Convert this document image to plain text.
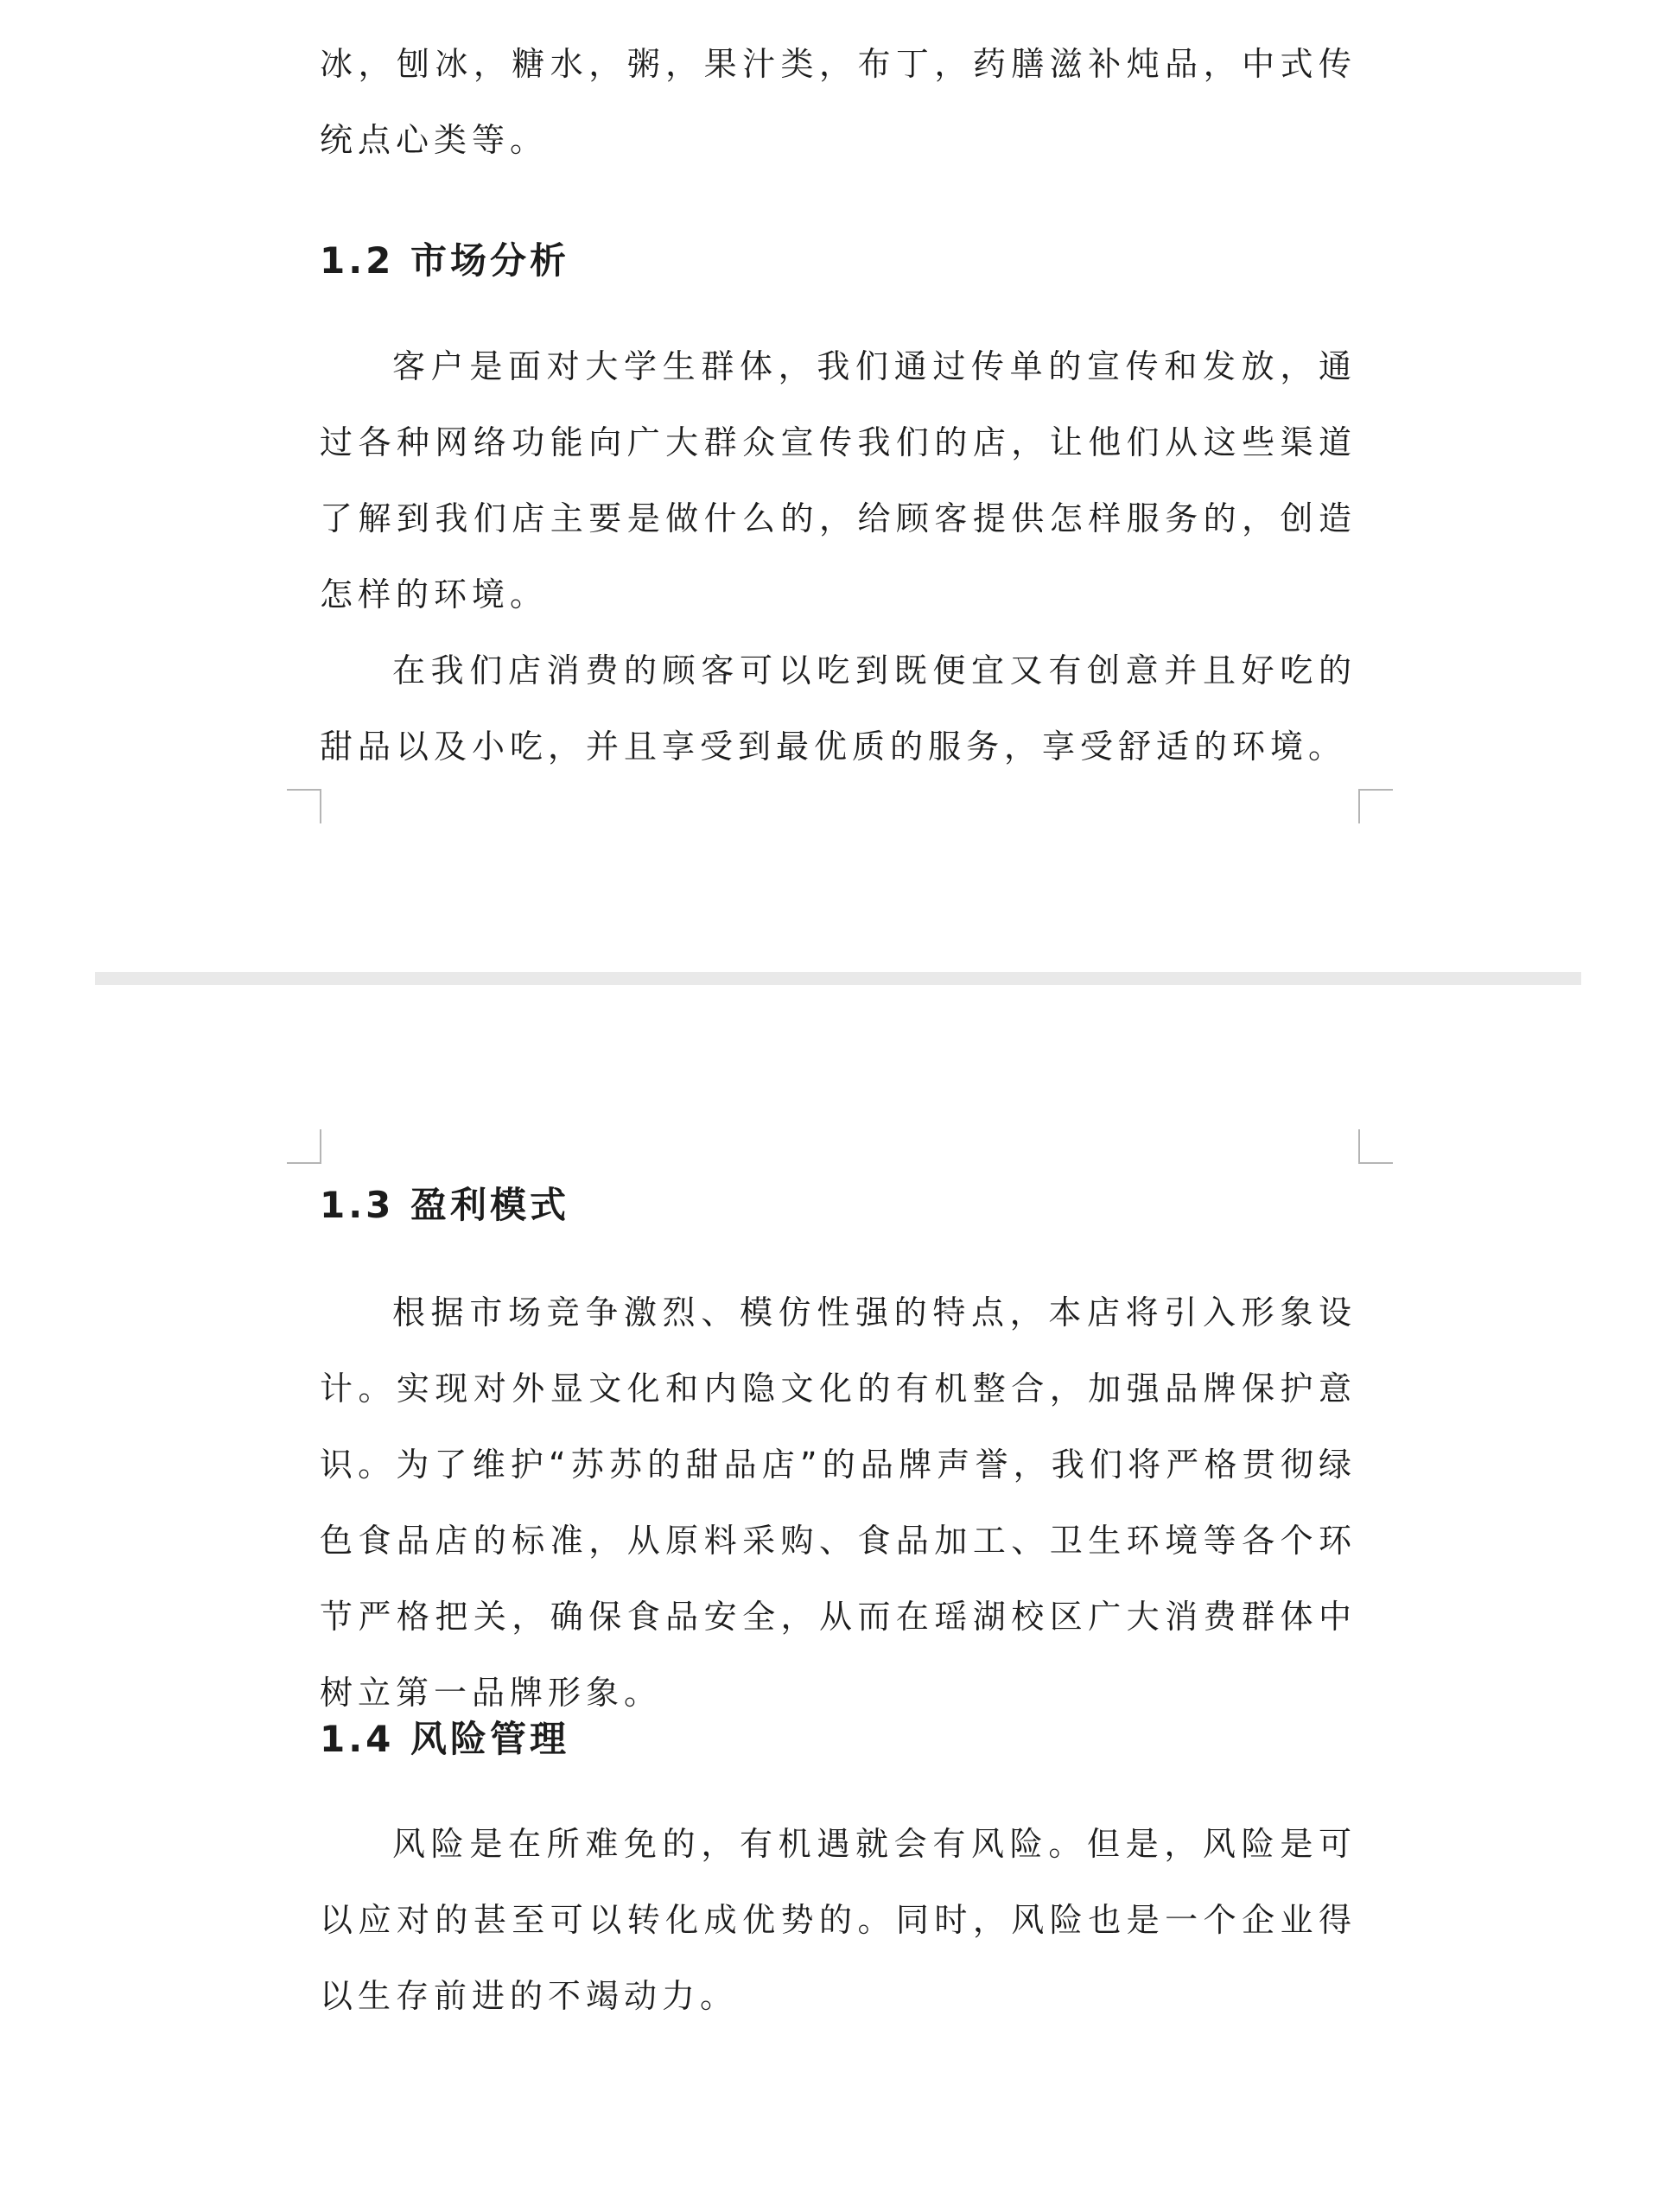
冰，刨冰，糖水，粥，果汁类，布丁，药膳滋补炖品，中式传统点心类等。

1.2 市场分析

客户是面对大学生群体，我们通过传单的宣传和发放，通过各种网络功能向广大群众宣传我们的店，让他们从这些渠道了解到我们店主要是做什么的，给顾客提供怎样服务的，创造怎样的环境。

在我们店消费的顾客可以吃到既便宜又有创意并且好吃的甜品以及小吃，并且享受到最优质的服务，享受舒适的环境。

1.3 盈利模式

根据市场竞争激烈、模仿性强的特点，本店将引入形象设计。实现对外显文化和内隐文化的有机整合，加强品牌保护意识。为了维护“苏苏的甜品店”的品牌声誉，我们将严格贯彻绿色食品店的标准，从原料采购、食品加工、卫生环境等各个环节严格把关，确保食品安全，从而在瑶湖校区广大消费群体中树立第一品牌形象。

1.4 风险管理

风险是在所难免的，有机遇就会有风险。但是，风险是可以应对的甚至可以转化成优势的。同时，风险也是一个企业得以生存前进的不竭动力。
